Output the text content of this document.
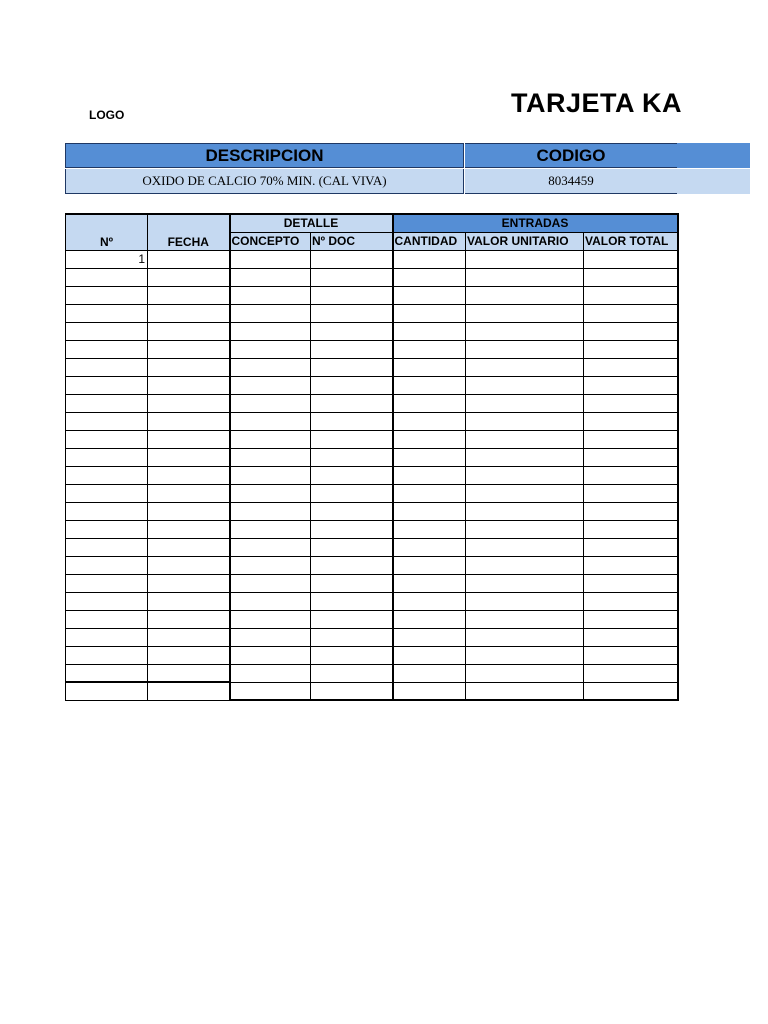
LOGO	TARJETA KA
DESCRIPCION	CODIGO
OXIDO DE CALCIO 70% MIN. (CAL VIVA)	8034459
Nº	FECHA	DETALLE		ENTRADAS		
		CONCEPTO	Nº DOC	CANTIDAD	VALOR UNITARIO	VALOR TOTAL
1						
